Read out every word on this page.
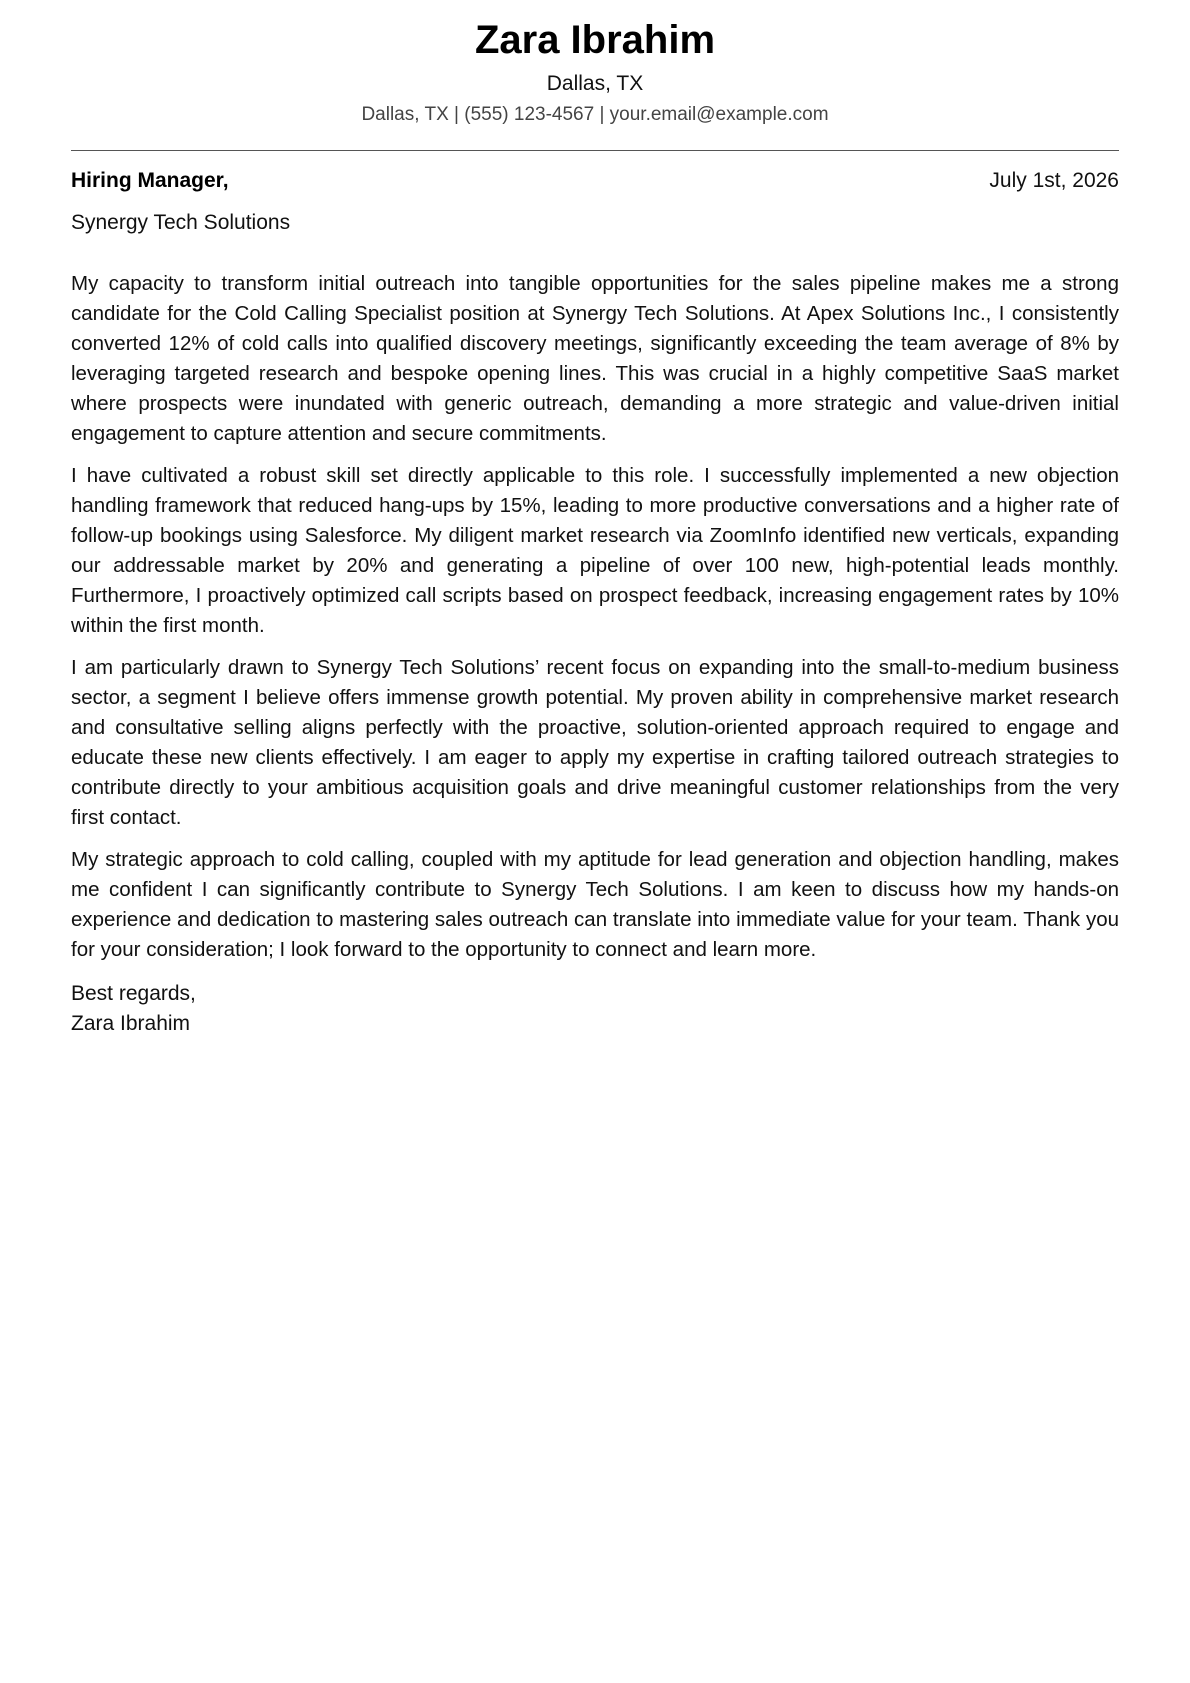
Zara Ibrahim
Dallas, TX
Dallas, TX | (555) 123-4567 | your.email@example.com
Hiring Manager,	July 1st, 2026
Synergy Tech Solutions

My capacity to transform initial outreach into tangible opportunities for the sales pipeline makes me a strong candidate for the Cold Calling Specialist position at Synergy Tech Solutions. At Apex Solutions Inc., I consistently converted 12% of cold calls into qualified discovery meetings, significantly exceeding the team average of 8% by leveraging targeted research and bespoke opening lines. This was crucial in a highly competitive SaaS market where prospects were inundated with generic outreach, demanding a more strategic and value-driven initial engagement to capture attention and secure commitments.

I have cultivated a robust skill set directly applicable to this role. I successfully implemented a new objection handling framework that reduced hang-ups by 15%, leading to more productive conversations and a higher rate of follow-up bookings using Salesforce. My diligent market research via ZoomInfo identified new verticals, expanding our addressable market by 20% and generating a pipeline of over 100 new, high-potential leads monthly. Furthermore, I proactively optimized call scripts based on prospect feedback, increasing engagement rates by 10% within the first month.

I am particularly drawn to Synergy Tech Solutions’ recent focus on expanding into the small-to-medium business sector, a segment I believe offers immense growth potential. My proven ability in comprehensive market research and consultative selling aligns perfectly with the proactive, solution-oriented approach required to engage and educate these new clients effectively. I am eager to apply my expertise in crafting tailored outreach strategies to contribute directly to your ambitious acquisition goals and drive meaningful customer relationships from the very first contact.

My strategic approach to cold calling, coupled with my aptitude for lead generation and objection handling, makes me confident I can significantly contribute to Synergy Tech Solutions. I am keen to discuss how my hands-on experience and dedication to mastering sales outreach can translate into immediate value for your team. Thank you for your consideration; I look forward to the opportunity to connect and learn more.

Best regards,
Zara Ibrahim
